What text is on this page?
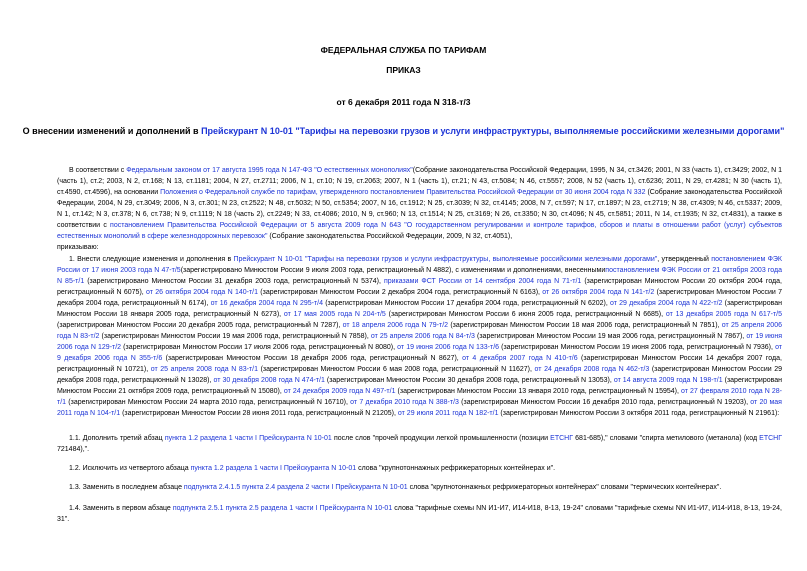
ФЕДЕРАЛЬНАЯ СЛУЖБА ПО ТАРИФАМ
ПРИКАЗ
от 6 декабря 2011 года N 318-т/3
О внесении изменений и дополнений в Прейскурант N 10-01 "Тарифы на перевозки грузов и услуги инфраструктуры, выполняемые российскими железными дорогами"
В соответствии с Федеральным законом от 17 августа 1995 года N 147-ФЗ "О естественных монополиях"(Собрание законодательства Российской Федерации, 1995, N 34, ст.3426; 2001, N 33 (часть 1), ст.3429; 2002, N 1 (часть 1), ст.2; 2003, N 2, ст.168; N 13, ст.1181; 2004, N 27, ст.2711; 2006, N 1, ст.10; N 19, ст.2063; 2007, N 1 (часть 1), ст.21; N 43, ст.5084; N 46, ст.5557; 2008, N 52 (часть 1), ст.6236; 2011, N 29, ст.4281; N 30 (часть 1), ст.4590, ст.4596), на основании Положения о Федеральной службе по тарифам, утвержденного постановлением Правительства Российской Федерации от 30 июня 2004 года N 332 (Собрание законодательства Российской Федерации, 2004, N 29, ст.3049; 2006, N 3, ст.301; N 23, ст.2522; N 48, ст.5032; N 50, ст.5354; 2007, N 16, ст.1912; N 25, ст.3039; N 32, ст.4145; 2008, N 7, ст.597; N 17, ст.1897; N 23, ст.2719; N 38, ст.4309; N 46, ст.5337; 2009, N 1, ст.142; N 3, ст.378; N 6, ст.738; N 9, ст.1119; N 18 (часть 2), ст.2249; N 33, ст.4086; 2010, N 9, ст.960; N 13, ст.1514; N 25, ст.3169; N 26, ст.3350; N 30, ст.4096; N 45, ст.5851; 2011, N 14, ст.1935; N 32, ст.4831), а также в соответствии с постановлением Правительства Российской Федерации от 5 августа 2009 года N 643 "О государственном регулировании и контроле тарифов, сборов и платы в отношении работ (услуг) субъектов естественных монополий в сфере железнодорожных перевозок" (Собрание законодательства Российской Федерации, 2009, N 32, ст.4051),
приказываю:
1. Внести следующие изменения и дополнения в Прейскурант N 10-01 "Тарифы на перевозки грузов и услуги инфраструктуры, выполняемые российскими железными дорогами", утвержденный постановлением ФЭК России от 17 июня 2003 года N 47-т/5(зарегистрировано Минюстом России 9 июля 2003 года, регистрационный N 4882), с изменениями и дополнениями, внесеннымипостановлением ФЭК России от 21 октября 2003 года N 85-т/1 (зарегистрировано Минюстом России 31 декабря 2003 года, регистрационный N 5374), приказами ФСТ России от 14 сентября 2004 года N 71-т/1 (зарегистрирован Минюстом России 20 октября 2004 года, регистрационный N 6075), от 26 октября 2004 года N 140-т/1 (зарегистрирован Минюстом России 2 декабря 2004 года, регистрационный N 6163), от 26 октября 2004 года N 141-т/2 (зарегистрирован Минюстом России 7 декабря 2004 года, регистрационный N 6174), от 16 декабря 2004 года N 295-т/4 (зарегистрирован Минюстом России 17 декабря 2004 года, регистрационный N 6202), от 29 декабря 2004 года N 422-т/2 (зарегистрирован Минюстом России 18 января 2005 года, регистрационный N 6273), от 17 мая 2005 года N 204-т/5 (зарегистрирован Минюстом России 6 июня 2005 года, регистрационный N 6685), от 13 декабря 2005 года N 617-т/5 (зарегистрирован Минюстом России 20 декабря 2005 года, регистрационный N 7287), от 18 апреля 2006 года N 79-т/2 (зарегистрирован Минюстом России 18 мая 2006 года, регистрационный N 7851), от 25 апреля 2006 года N 83-т/2 (зарегистрирован Минюстом России 19 мая 2006 года, регистрационный N 7858), от 25 апреля 2006 года N 84-т/3 (зарегистрирован Минюстом России 19 мая 2006 года, регистрационный N 7867), от 19 июня 2006 года N 129-т/2 (зарегистрирован Минюстом России 17 июля 2006 года, регистрационный N 8080), от 19 июня 2006 года N 133-т/6 (зарегистрирован Минюстом России 19 июня 2006 года, регистрационный N 7936), от 9 декабря 2006 года N 355-т/6 (зарегистрирован Минюстом России 18 декабря 2006 года, регистрационный N 8627), от 4 декабря 2007 года N 410-т/6 (зарегистрирован Минюстом России 14 декабря 2007 года, регистрационный N 10721), от 25 апреля 2008 года N 83-т/1 (зарегистрирован Минюстом России 6 мая 2008 года, регистрационный N 11627), от 24 декабря 2008 года N 462-т/3 (зарегистрирован Минюстом России 29 декабря 2008 года, регистрационный N 13028), от 30 декабря 2008 года N 474-т/1 (зарегистрирован Минюстом России 30 декабря 2008 года, регистрационный N 13053), от 14 августа 2009 года N 198-т/1 (зарегистрирован Минюстом России 21 октября 2009 года, регистрационный N 15080), от 24 декабря 2009 года N 497-т/1 (зарегистрирован Минюстом России 13 января 2010 года, регистрационный N 15954), от 27 февраля 2010 года N 28-т/1 (зарегистрирован Минюстом России 24 марта 2010 года, регистрационный N 16710), от 7 декабря 2010 года N 388-т/3 (зарегистрирован Минюстом России 16 декабря 2010 года, регистрационный N 19203), от 20 мая 2011 года N 104-т/1 (зарегистрирован Минюстом России 28 июня 2011 года, регистрационный N 21205), от 29 июля 2011 года N 182-т/1 (зарегистрирован Минюстом России 3 октября 2011 года, регистрационный N 21961):
1.1. Дополнить третий абзац пункта 1.2 раздела 1 части I Прейскуранта N 10-01 после слов "прочей продукции легкой промышленности (позиции ЕТСНГ 681-685)," словами "спирта метилового (метанола) (код ЕТСНГ 721484),".
1.2. Исключить из четвертого абзаца пункта 1.2 раздела 1 части I Прейскуранта N 10-01 слова "крупнотоннажных рефрижераторных контейнерах и".
1.3. Заменить в последнем абзаце подпункта 2.4.1.5 пункта 2.4 раздела 2 части I Прейскуранта N 10-01 слова "крупнотоннажных рефрижераторных контейнерах" словами "термических контейнерах".
1.4. Заменить в первом абзаце подпункта 2.5.1 пункта 2.5 раздела 1 части I Прейскуранта N 10-01 слова "тарифные схемы NN И1-И7, И14-И18, 8-13, 19-24" словами "тарифные схемы NN И1-И7, И14-И18, 8-13, 19-24, 31".
